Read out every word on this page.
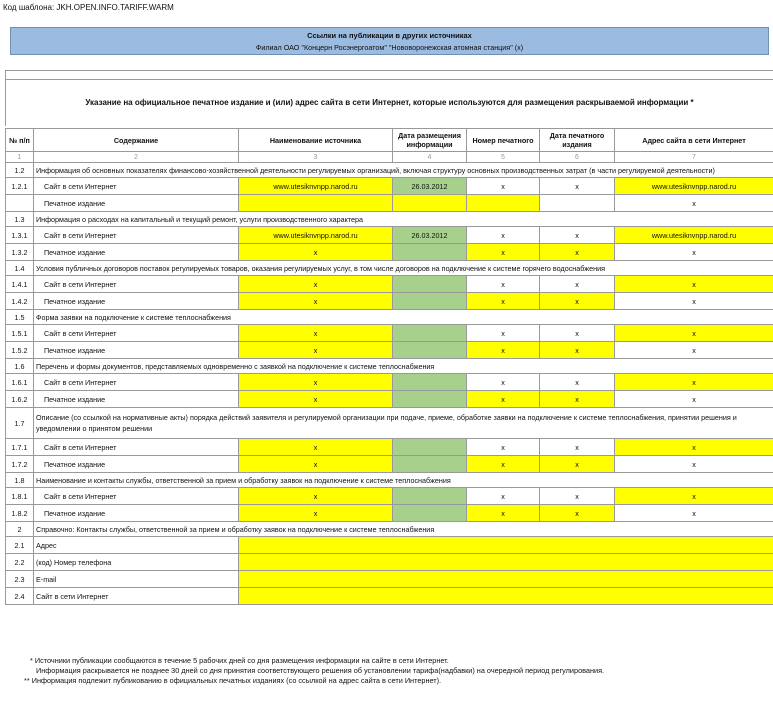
Код шаблона: JKH.OPEN.INFO.TARIFF.WARM
Ссылки на публикации в других источниках
Филиал ОАО "Концерн Росэнергоатом" "Нововоронежская атомная станция" (x)
Указание на официальное печатное издание и (или) адрес сайта в сети Интернет, которые используются для размещения раскрываемой информации *
№ п/п	Содержание	Наименование источника	Дата размещения информации	Номер печатного	Дата печатного издания	Адрес сайта в сети Интернет
1	2	3	4	5	6	7
1.2	Информация об основных показателях финансово-хозяйственной деятельности регулируемых организаций, включая структуру основных производственных затрат (в части регулируемой деятельности)					
1.2.1	Сайт в сети Интернет	www.utesiknvnpp.narod.ru	26.03.2012	x	x	www.utesiknvnpp.narod.ru
	Печатное издание					x
1.3	Информация о расходах на капитальный и текущий ремонт, услуги производственного характера					
1.3.1	Сайт в сети Интернет	www.utesiknvnpp.narod.ru	26.03.2012	x	x	www.utesiknvnpp.narod.ru
1.3.2	Печатное издание	x		x	x	x
1.4	Условия публичных договоров поставок регулируемых товаров, оказания регулируемых услуг, в том числе договоров на подключение к системе горячего водоснабжения					
1.4.1	Сайт в сети Интернет	x		x	x	x
1.4.2	Печатное издание	x		x	x	x
1.5	Форма заявки на подключение к системе теплоснабжения					
1.5.1	Сайт в сети Интернет	x		x	x	x
1.5.2	Печатное издание	x		x	x	x
1.6	Перечень и формы документов, представляемых одновременно с заявкой на подключение к системе теплоснабжения					
1.6.1	Сайт в сети Интернет	x		x	x	x
1.6.2	Печатное издание	x		x	x	x
1.7	Описание (со ссылкой на нормативные акты) порядка действий заявителя и регулируемой организации при подаче, приеме, обработке заявки на подключение к системе теплоснабжения, принятии решения и уведомлении о принятом решении					
1.7.1	Сайт в сети Интернет	x		x	x	x
1.7.2	Печатное издание	x		x	x	x
1.8	Наименование и контакты службы, ответственной за прием и обработку заявок на подключение к системе теплоснабжения					
1.8.1	Сайт в сети Интернет	x		x	x	x
1.8.2	Печатное издание	x		x	x	x
2	Справочно: Контакты службы, ответственной за прием и обработку заявок на подключение к системе теплоснабжения					
2.1	Адрес					
2.2	(код) Номер телефона					
2.3	E-mail					
2.4	Сайт в сети Интернет					
* Источники публикации сообщаются в течение 5 рабочих дней со дня размещения информации на сайте в сети Интернет.
Информация раскрывается не позднее 30 дней со дня принятия соответствующего решения об установлении тарифа(надбавки) на очередной период регулирования.
** Информация подлежит публикованию в официальных печатных изданиях (со ссылкой на адрес сайта в сети Интернет).
